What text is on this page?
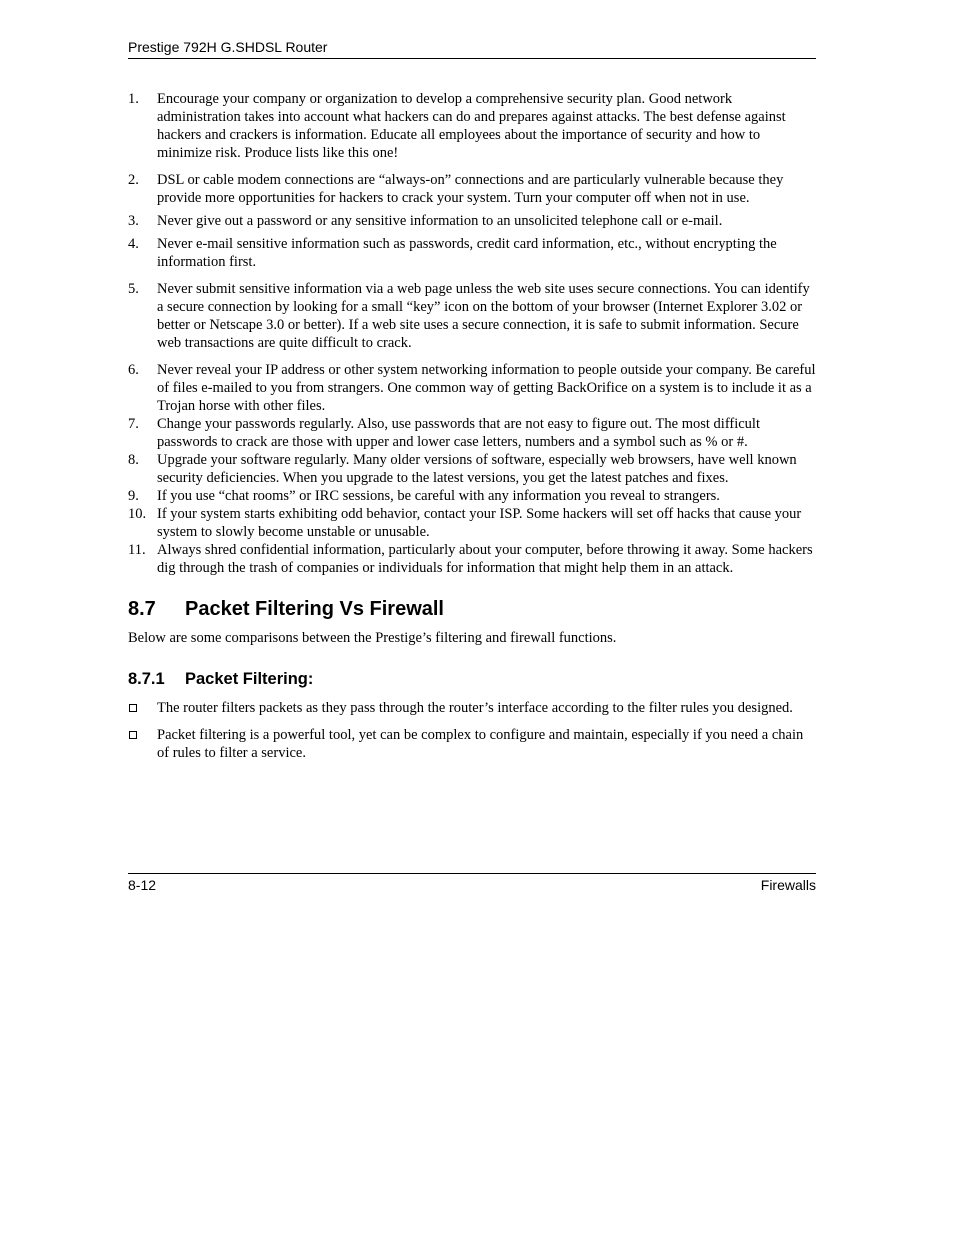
Prestige 792H G.SHDSL Router
1. Encourage your company or organization to develop a comprehensive security plan. Good network administration takes into account what hackers can do and prepares against attacks. The best defense against hackers and crackers is information. Educate all employees about the importance of security and how to minimize risk. Produce lists like this one!
2. DSL or cable modem connections are “always-on” connections and are particularly vulnerable because they provide more opportunities for hackers to crack your system. Turn your computer off when not in use.
3. Never give out a password or any sensitive information to an unsolicited telephone call or e-mail.
4. Never e-mail sensitive information such as passwords, credit card information, etc., without encrypting the information first.
5. Never submit sensitive information via a web page unless the web site uses secure connections. You can identify a secure connection by looking for a small “key” icon on the bottom of your browser (Internet Explorer 3.02 or better or Netscape 3.0 or better). If a web site uses a secure connection, it is safe to submit information. Secure web transactions are quite difficult to crack.
6. Never reveal your IP address or other system networking information to people outside your company. Be careful of files e-mailed to you from strangers. One common way of getting BackOrifice on a system is to include it as a Trojan horse with other files.
7. Change your passwords regularly. Also, use passwords that are not easy to figure out. The most difficult passwords to crack are those with upper and lower case letters, numbers and a symbol such as % or #.
8. Upgrade your software regularly. Many older versions of software, especially web browsers, have well known security deficiencies. When you upgrade to the latest versions, you get the latest patches and fixes.
9. If you use “chat rooms” or IRC sessions, be careful with any information you reveal to strangers.
10. If your system starts exhibiting odd behavior, contact your ISP. Some hackers will set off hacks that cause your system to slowly become unstable or unusable.
11. Always shred confidential information, particularly about your computer, before throwing it away. Some hackers dig through the trash of companies or individuals for information that might help them in an attack.
8.7 Packet Filtering Vs Firewall

Below are some comparisons between the Prestige’s filtering and firewall functions.

8.7.1 Packet Filtering:
The router filters packets as they pass through the router’s interface according to the filter rules you designed.
Packet filtering is a powerful tool, yet can be complex to configure and maintain, especially if you need a chain of rules to filter a service.
8-12	Firewalls
